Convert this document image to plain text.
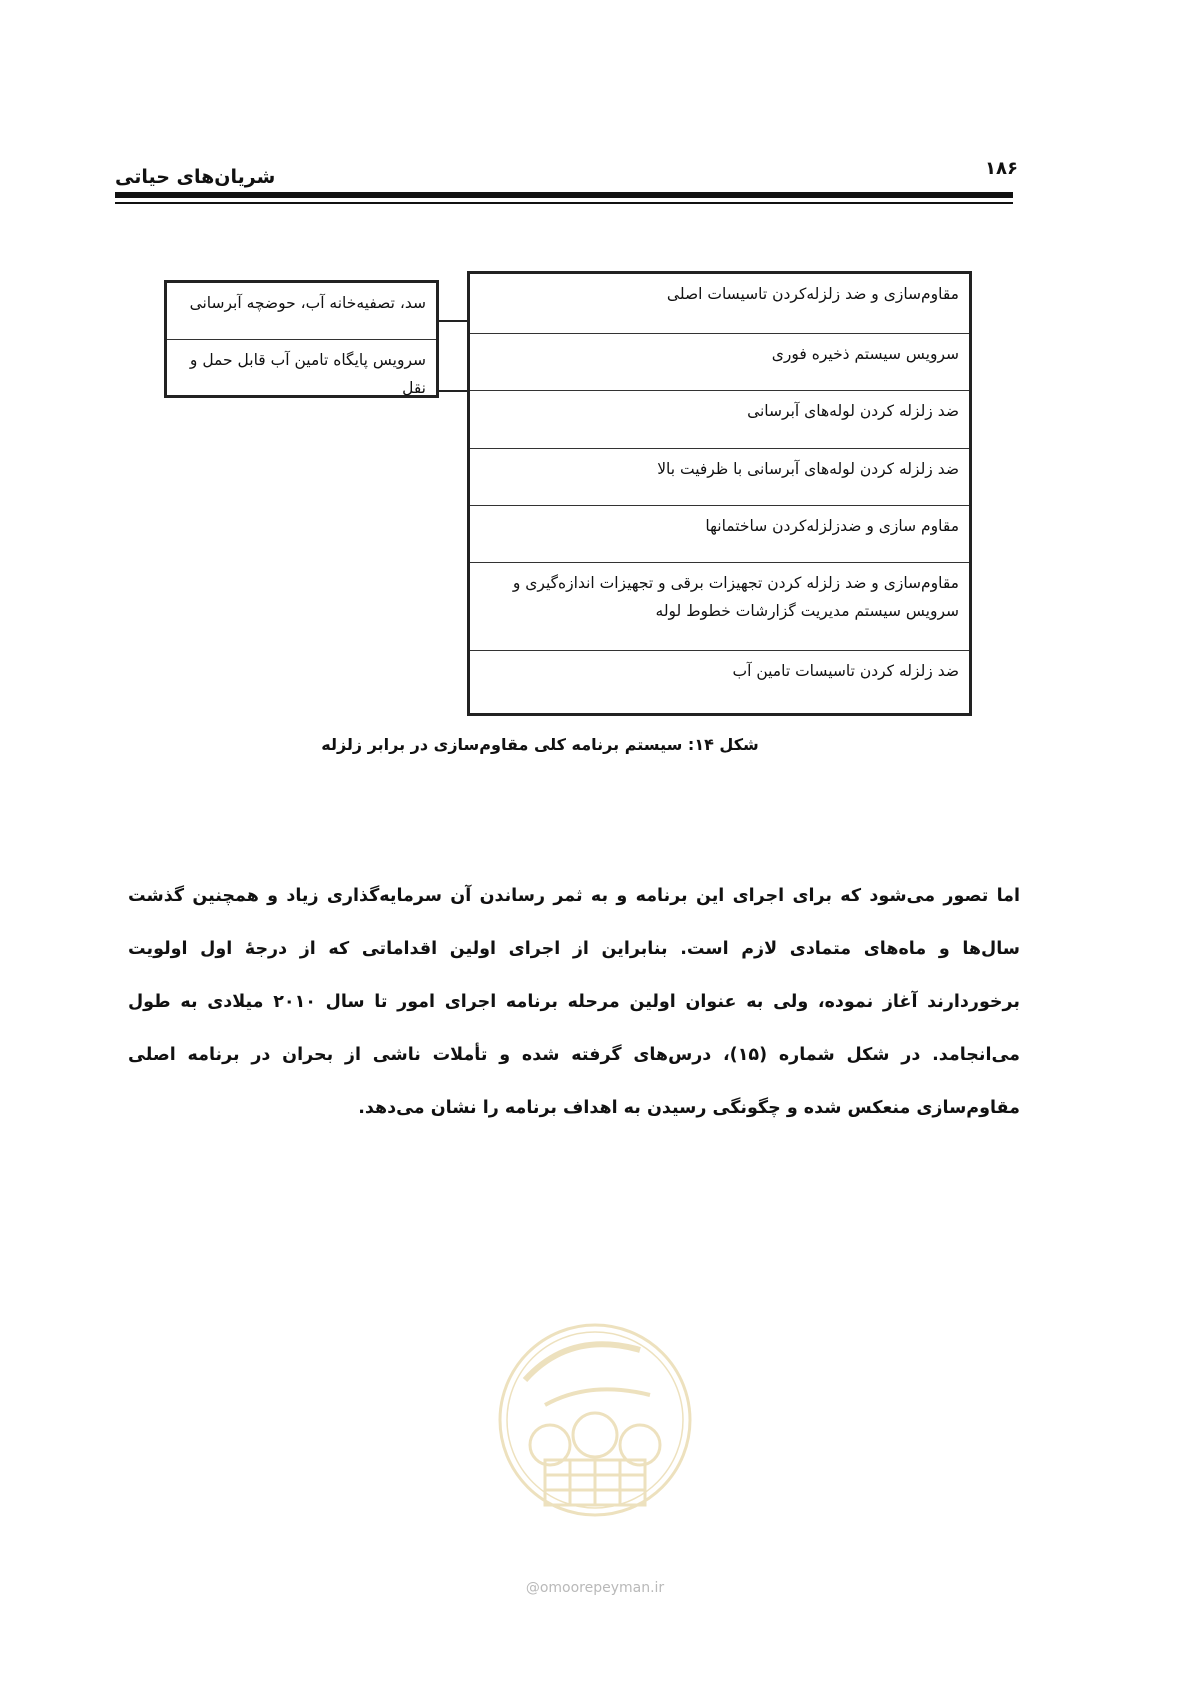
۱۸۶
شریان‌های حیاتی
سد، تصفیه‌خانه آب، حوضچه آبرسانی
سرویس پایگاه تامین آب قابل حمل و نقل
مقاوم‌سازی و ضد زلزله‌کردن تاسیسات اصلی
سرویس سیستم ذخیره فوری
ضد زلزله کردن لوله‌های آبرسانی
ضد زلزله کردن لوله‌های آبرسانی با ظرفیت بالا
مقاوم سازی و ضدزلزله‌کردن ساختمانها
مقاوم‌سازی و ضد زلزله کردن تجهیزات برقی و تجهیزات اندازه‌گیری و سرویس سیستم مدیریت گزارشات خطوط لوله
ضد زلزله کردن تاسیسات تامین آب
شکل ۱۴: سیستم برنامه کلی مقاوم‌سازی در برابر زلزله
اما تصور می‌شود که برای اجرای این برنامه و به ثمر رساندن آن سرمایه‌گذاری زیاد و همچنین گذشت سال‌ها و ماه‌های متمادی لازم است. بنابراین از اجرای اولین اقداماتی که از درجهٔ اول اولویت برخوردارند آغاز نموده، ولی به عنوان اولین مرحله برنامه اجرای امور تا سال ۲۰۱۰ میلادی به طول می‌انجامد. در شکل شماره (۱۵)، درس‌های گرفته شده و تأملات ناشی از بحران در برنامه اصلی مقاوم‌سازی منعکس شده و چگونگی رسیدن به اهداف برنامه را نشان می‌دهد.
@omoorepeyman.ir
